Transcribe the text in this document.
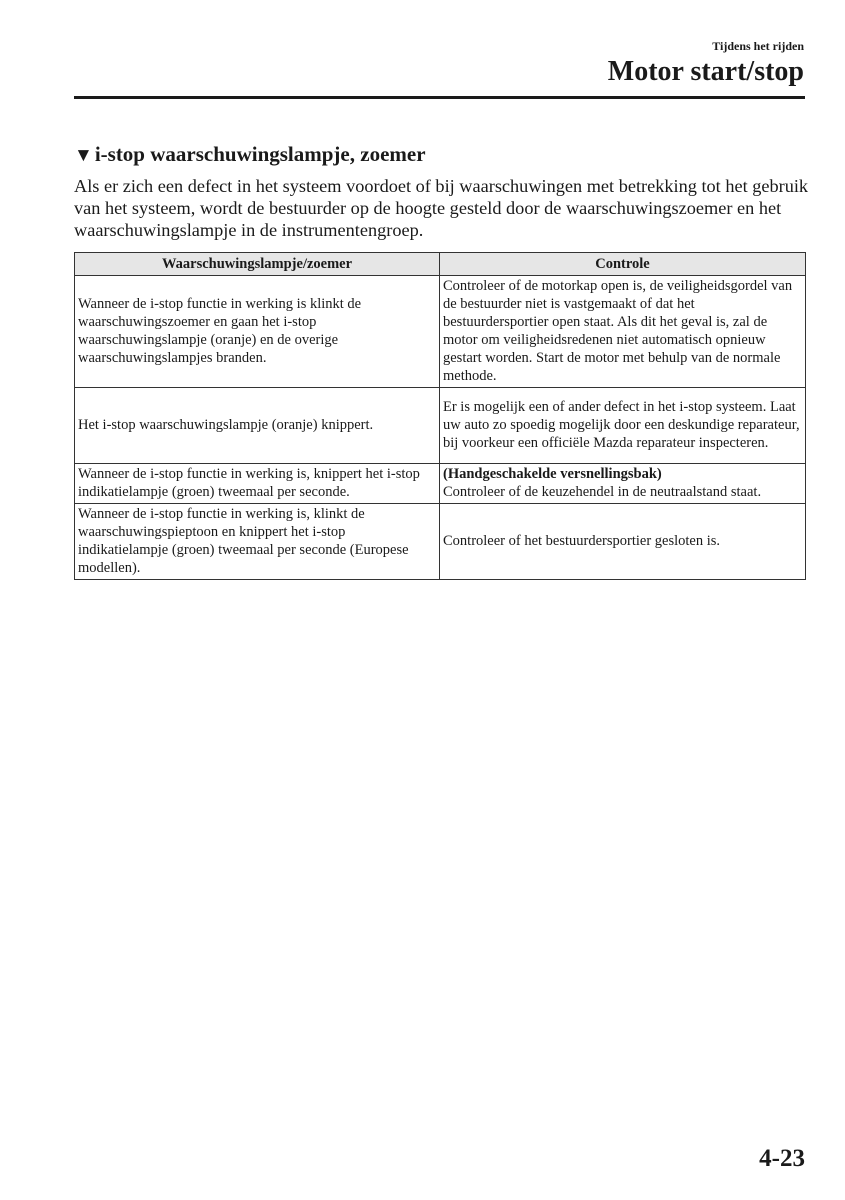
Tijdens het rijden
Motor start/stop
▼i-stop waarschuwingslampje, zoemer

Als er zich een defect in het systeem voordoet of bij waarschuwingen met betrekking tot het gebruik van het systeem, wordt de bestuurder op de hoogte gesteld door de waarschuwingszoemer en het waarschuwingslampje in de instrumentengroep.

Waarschuwingslampje/zoemer	Controle
Wanneer de i-stop functie in werking is klinkt de waarschuwingszoemer en gaan het i-stop waarschuwingslampje (oranje) en de overige waarschuwingslampjes branden.	Controleer of de motorkap open is, de veiligheidsgordel van de bestuurder niet is vastgemaakt of dat het bestuurdersportier open staat. Als dit het geval is, zal de motor om veiligheidsredenen niet automatisch opnieuw gestart worden. Start de motor met behulp van de normale methode.
Het i-stop waarschuwingslampje (oranje) knippert.	Er is mogelijk een of ander defect in het i-stop systeem. Laat uw auto zo spoedig mogelijk door een deskundige reparateur, bij voorkeur een officiële Mazda reparateur inspecteren.
Wanneer de i-stop functie in werking is, knippert het i-stop indikatielampje (groen) tweemaal per seconde.	(Handgeschakelde versnellingsbak)
Controleer of de keuzehendel in de neutraalstand staat.
Wanneer de i-stop functie in werking is, klinkt de waarschuwingspieptoon en knippert het i-stop indikatielampje (groen) tweemaal per seconde (Europese modellen).	Controleer of het bestuurdersportier gesloten is.
4-23
